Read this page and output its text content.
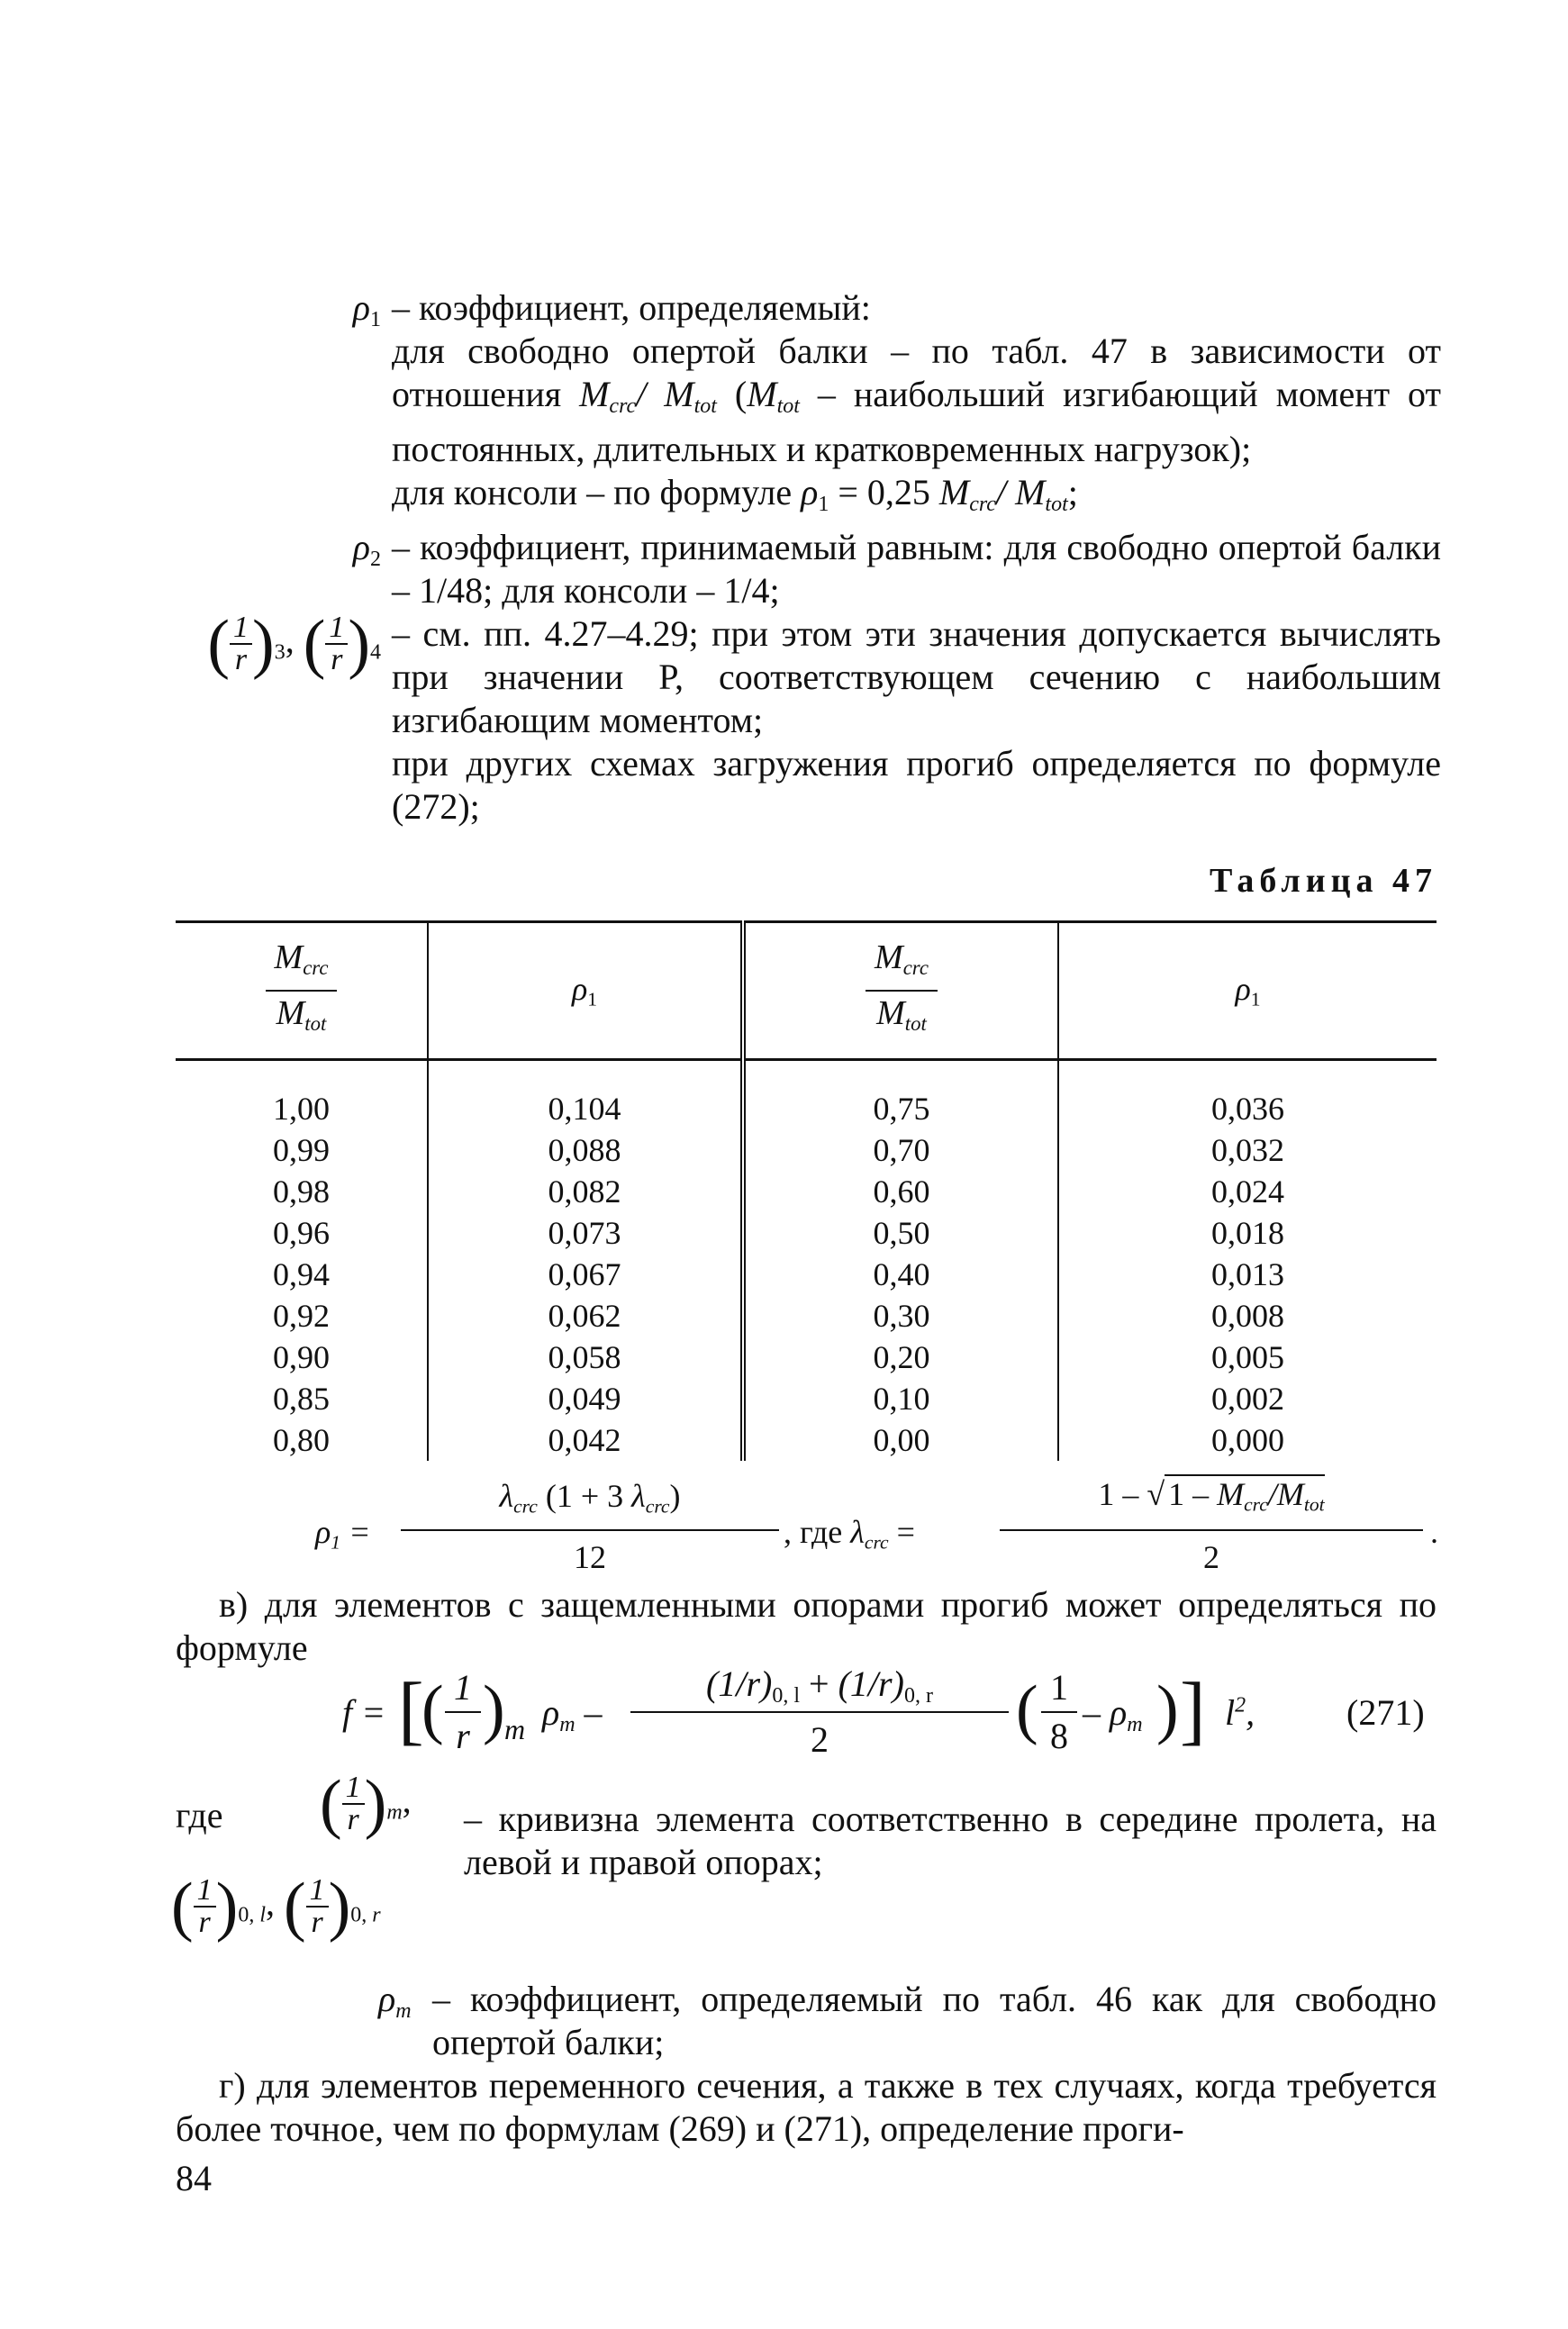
$\rho_1$ – коэффициент, определяемый:

для свободно опертой балки – по табл. 47 в зависимости от отношения $M_{crc}/$ $M_{tot}$ ($M_{tot}$ – наибольший изгибающий момент от постоянных, длительных и кратковременных нагрузок);

для консоли – по формуле $\rho_1 = 0,25$ $M_{crc}/$ $M_{tot}$;

$\rho_2$ – коэффициент, принимаемый равным: для свободно опертой балки – 1/48; для консоли – 1/4;

( $\frac{1}{r} )_3$, ( $\frac{1}{r} )_4$ – см. пп. 4.27–4.29; при этом эти значения допускается вычислять при значении P, соответствующем сечению с наибольшим изгибающим моментом;

при других схемах загружения прогиб определяется по формуле (272);

Таблица 47
$\frac{M_{crc}}{M_{tot}}$	$\rho_1$	$\frac{M_{crc}}{M_{tot}}$	$\rho_1$
1,00	0,104	0,75	0,036
0,99	0,088	0,70	0,032
0,98	0,082	0,60	0,024
0,96	0,073	0,50	0,018
0,94	0,067	0,40	0,013
0,92	0,062	0,30	0,008
0,90	0,058	0,20	0,005
0,85	0,049	0,10	0,002
0,80	0,042	0,00	0,000
$\rho_1$ =
$\lambda_{crc}$ (1 + 3 $\lambda_{crc}$)
12
, где $\lambda_{crc}$ =
1 – √ $1 - M_{crc}/M_{tot}$
2
.
в) для элементов с защемленными опорами прогиб может определяться по формуле
f = [
( 1
r ) m $\rho_m$ –
$(1/r)_{0, l} + (1/r)_{0, r}$
2	( 1
8
– $\rho_m$ ) ] $l^2$,	(271)
где	( $\frac{1}{r} )_m$, – кривизна элемента соответственно в середине пролета, на левой и правой опорах;
( $\frac{1}{r} )_{0, l}$, ( $\frac{1}{r} )_{0, r}$
$\rho_m$ – коэффициент, определяемый по табл. 46 как для свободно опертой балки;
г) для элементов переменного сечения, а также в тех случаях, когда требуется более точное, чем по формулам (269) и (271), определение проги-
84
